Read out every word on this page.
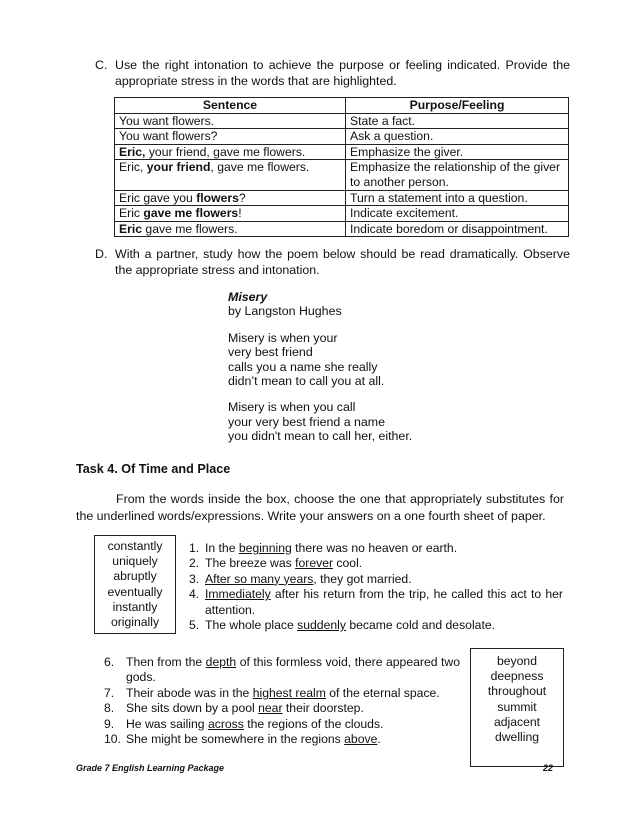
C. Use the right intonation to achieve the purpose or feeling indicated. Provide the appropriate stress in the words that are highlighted.
Sentence	Purpose/Feeling
You want flowers.	State a fact.
You want flowers?	Ask a question.
Eric, your friend, gave me flowers.	Emphasize the giver.
Eric, your friend, gave me flowers.	Emphasize the relationship of the giver to another person.
Eric gave you flowers?	Turn a statement into a question.
Eric gave me flowers!	Indicate excitement.
Eric gave me flowers.	Indicate boredom or disappointment.
D. With a partner, study how the poem below should be read dramatically. Observe the appropriate stress and intonation.
Misery
by Langston Hughes
Misery is when your
very best friend
calls you a name she really
didn’t mean to call you at all.
Misery is when you call
your very best friend a name
you didn't mean to call her, either.
Task 4. Of Time and Place
From the words inside the box, choose the one that appropriately substitutes for the underlined words/expressions. Write your answers on a one fourth sheet of paper.
constantly
uniquely
abruptly
eventually
instantly
originally
1. In the beginning there was no heaven or earth.
2. The breeze was forever cool.
3. After so many years, they got married.
4. Immediately after his return from the trip, he called this act to her attention.
5. The whole place suddenly became cold and desolate.
6. Then from the depth of this formless void, there appeared two gods.
7. Their abode was in the highest realm of the eternal space.
8. She sits down by a pool near their doorstep.
9. He was sailing across the regions of the clouds.
10. She might be somewhere in the regions above.
beyond
deepness
throughout
summit
adjacent
dwelling
Grade 7 English Learning Package	22
